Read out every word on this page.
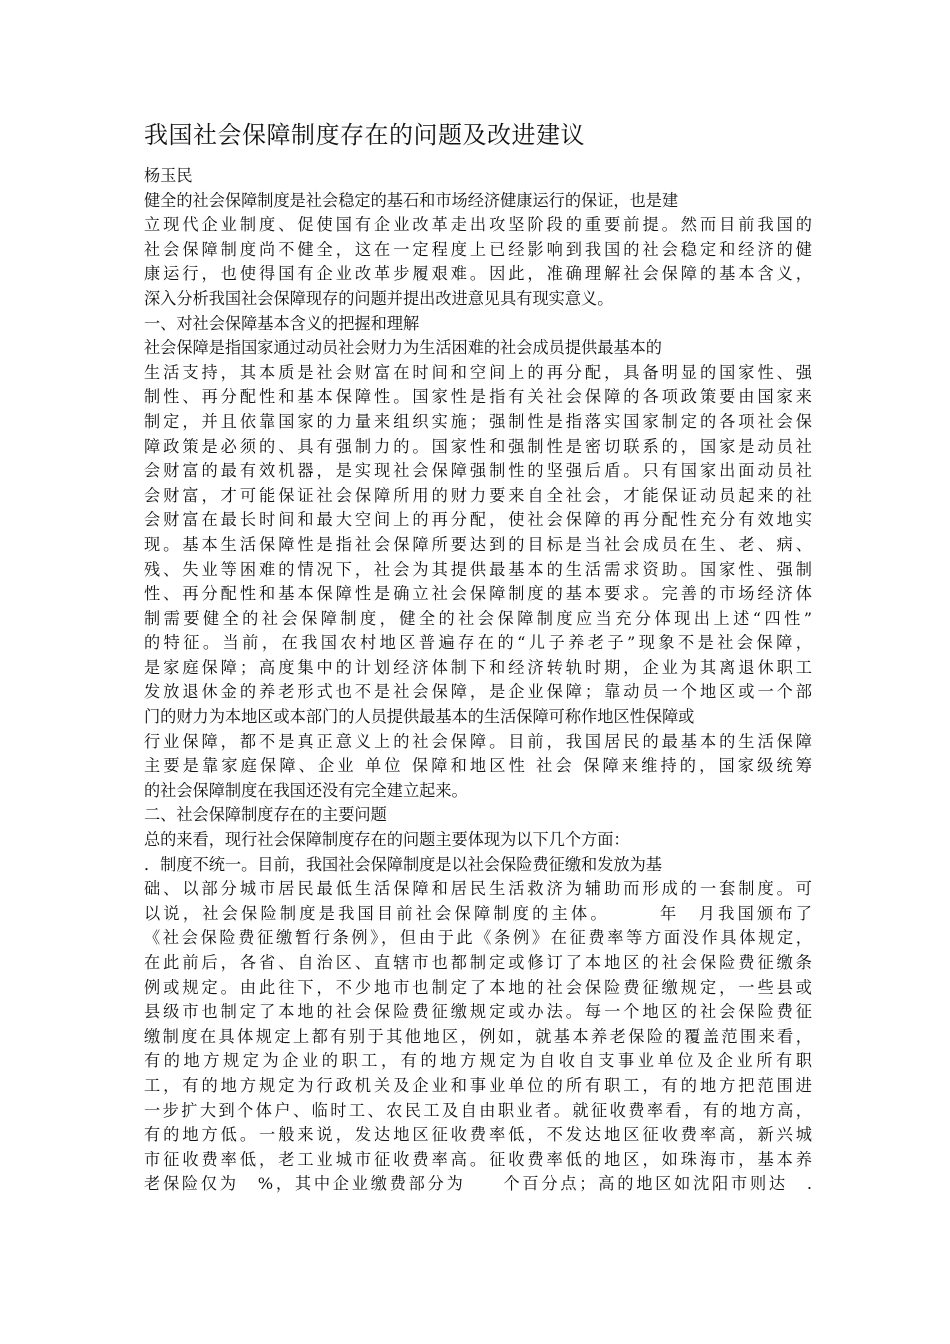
我国社会保障制度存在的问题及改进建议
杨玉民
健全的社会保障制度是社会稳定的基石和市场经济健康运行的保证，也是建
立现代企业制度、促使国有企业改革走出攻坚阶段的重要前提。然而目前我国的
社会保障制度尚不健全，这在一定程度上已经影响到我国的社会稳定和经济的健
康运行，也使得国有企业改革步履艰难。因此，准确理解社会保障的基本含义，
深入分析我国社会保障现存的问题并提出改进意见具有现实意义。
一、对社会保障基本含义的把握和理解
社会保障是指国家通过动员社会财力为生活困难的社会成员提供最基本的
生活支持，其本质是社会财富在时间和空间上的再分配，具备明显的国家性、强
制性、再分配性和基本保障性。国家性是指有关社会保障的各项政策要由国家来
制定，并且依靠国家的力量来组织实施；强制性是指落实国家制定的各项社会保
障政策是必须的、具有强制力的。国家性和强制性是密切联系的，国家是动员社
会财富的最有效机器，是实现社会保障强制性的坚强后盾。只有国家出面动员社
会财富，才可能保证社会保障所用的财力要来自全社会，才能保证动员起来的社
会财富在最长时间和最大空间上的再分配，使社会保障的再分配性充分有效地实
现。基本生活保障性是指社会保障所要达到的目标是当社会成员在生、老、病、
残、失业等困难的情况下，社会为其提供最基本的生活需求资助。国家性、强制
性、再分配性和基本保障性是确立社会保障制度的基本要求。完善的市场经济体
制需要健全的社会保障制度，健全的社会保障制度应当充分体现出上述“四性”
的特征。当前，在我国农村地区普遍存在的“儿子养老子”现象不是社会保障，
是家庭保障；高度集中的计划经济体制下和经济转轨时期，企业为其离退休职工
发放退休金的养老形式也不是社会保障，是企业保障；靠动员一个地区或一个部
门的财力为本地区或本部门的人员提供最基本的生活保障可称作地区性保障或
行业保障，都不是真正意义上的社会保障。目前，我国居民的最基本的生活保障
主要是靠家庭保障、企业 单位 保障和地区性 社会 保障来维持的，国家级统筹
的社会保障制度在我国还没有完全建立起来。
二、社会保障制度存在的主要问题
总的来看，现行社会保障制度存在的问题主要体现为以下几个方面：
．制度不统一。目前，我国社会保障制度是以社会保险费征缴和发放为基
础、以部分城市居民最低生活保障和居民生活救济为辅助而形成的一套制度。可
以说，社会保险制度是我国目前社会保障制度的主体。　　　年　月我国颁布了
《社会保险费征缴暂行条例》，但由于此《条例》在征费率等方面没作具体规定，
在此前后，各省、自治区、直辖市也都制定或修订了本地区的社会保险费征缴条
例或规定。由此往下，不少地市也制定了本地的社会保险费征缴规定，一些县或
县级市也制定了本地的社会保险费征缴规定或办法。每一个地区的社会保险费征
缴制度在具体规定上都有别于其他地区，例如，就基本养老保险的覆盖范围来看，
有的地方规定为企业的职工，有的地方规定为自收自支事业单位及企业所有职
工，有的地方规定为行政机关及企业和事业单位的所有职工，有的地方把范围进
一步扩大到个体户、临时工、农民工及自由职业者。就征收费率看，有的地方高，
有的地方低。一般来说，发达地区征收费率低，不发达地区征收费率高，新兴城
市征收费率低，老工业城市征收费率高。征收费率低的地区，如珠海市，基本养
老保险仅为　%，其中企业缴费部分为　　个百分点；高的地区如沈阳市则达　.
